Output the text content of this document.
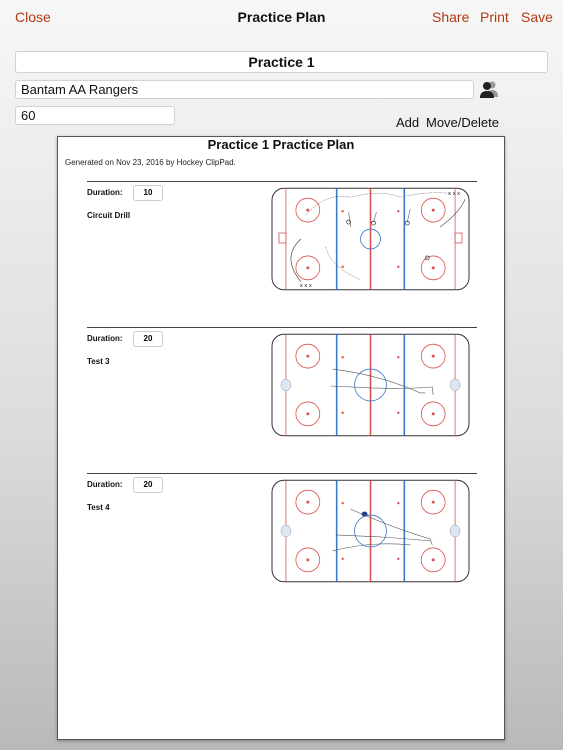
Close	Practice Plan	Share Print Save
Practice 1
Bantam AA Rangers
60
Add Move/Delete
Practice 1 Practice Plan
Generated on Nov 23, 2016 by Hockey ClipPad.
Duration:	10
Circuit Drill
x x x
x x x
Duration:	20
Test 3
Duration:	20
Test 4
